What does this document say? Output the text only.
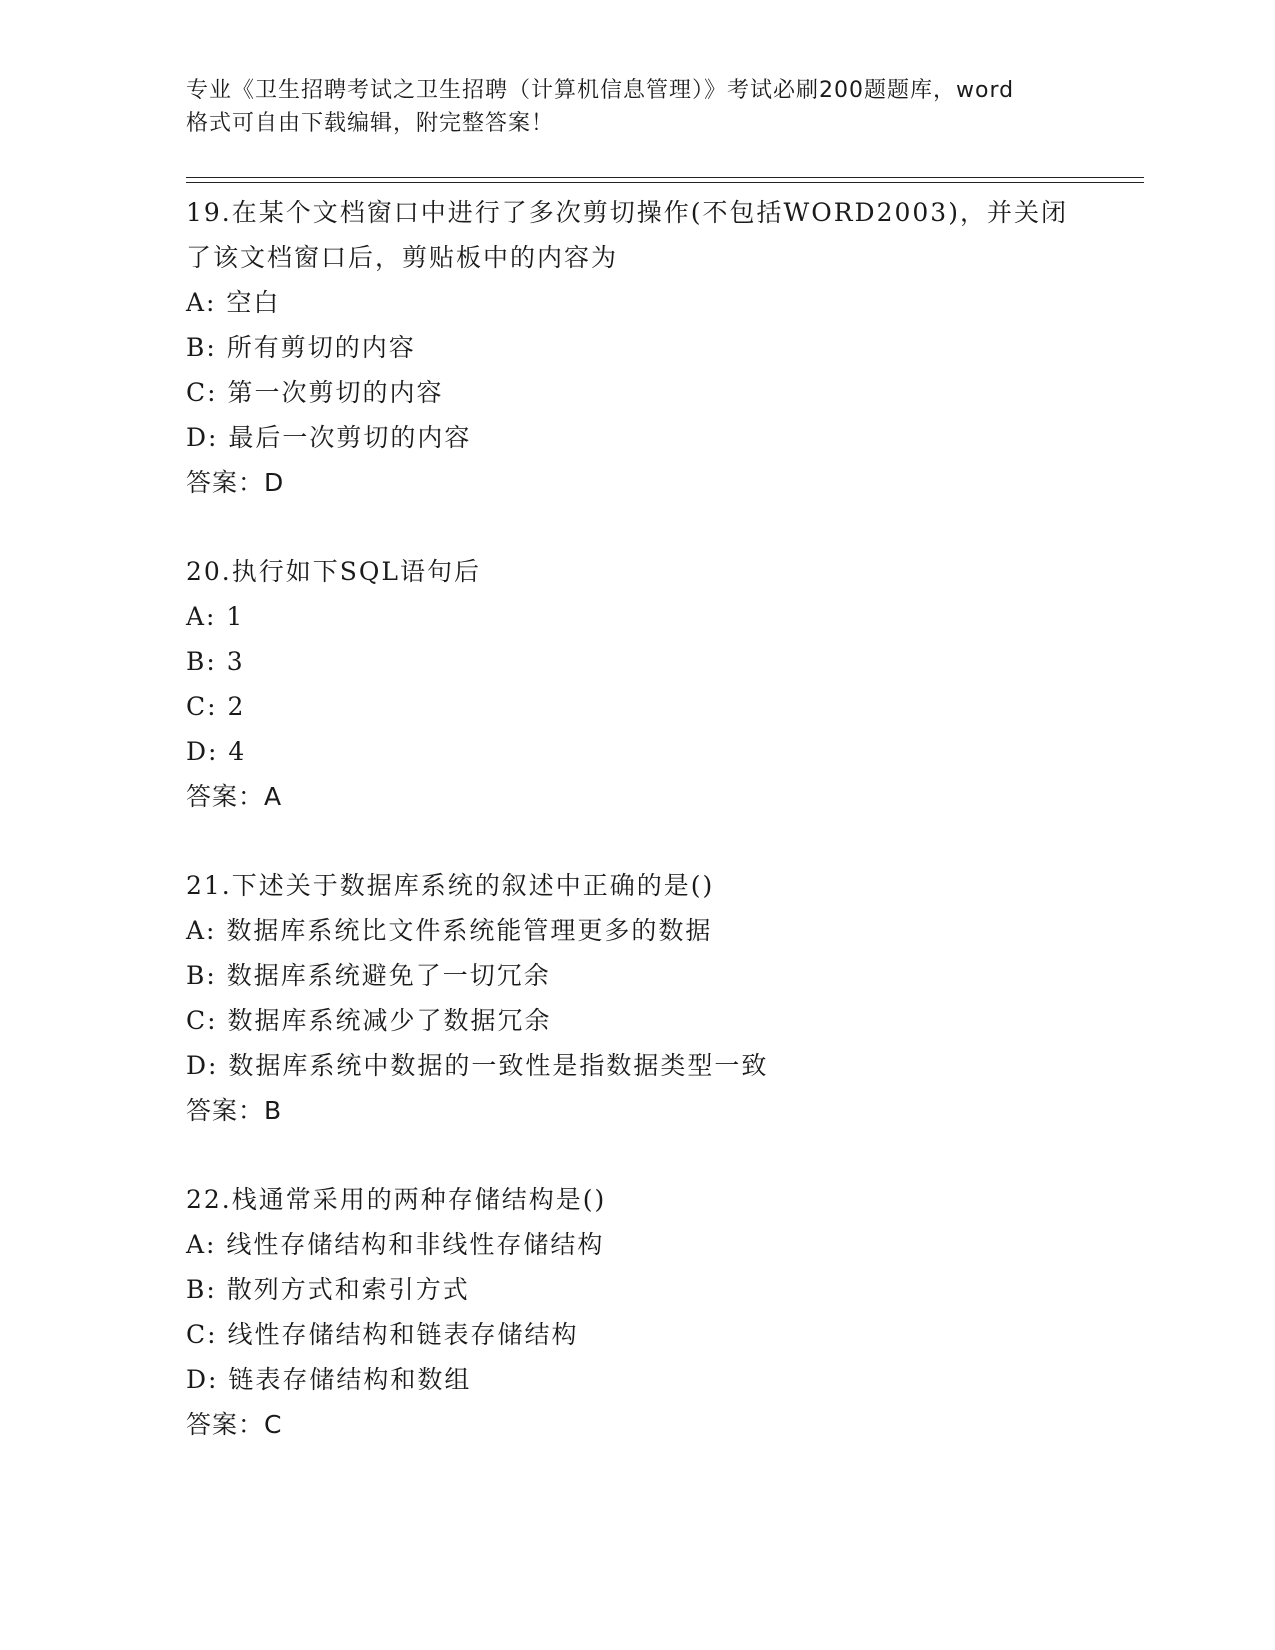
专业《卫生招聘考试之卫生招聘（计算机信息管理）》考试必刷200题题库，word
格式可自由下载编辑，附完整答案！
19.在某个文档窗口中进行了多次剪切操作(不包括WORD2003)，并关闭
了该文档窗口后，剪贴板中的内容为
A: 空白
B: 所有剪切的内容
C: 第一次剪切的内容
D: 最后一次剪切的内容
答案：D
20.执行如下SQL语句后
A: 1
B: 3
C: 2
D: 4
答案：A
21.下述关于数据库系统的叙述中正确的是()
A: 数据库系统比文件系统能管理更多的数据
B: 数据库系统避免了一切冗余
C: 数据库系统减少了数据冗余
D: 数据库系统中数据的一致性是指数据类型一致
答案：B
22.栈通常采用的两种存储结构是()
A: 线性存储结构和非线性存储结构
B: 散列方式和索引方式
C: 线性存储结构和链表存储结构
D: 链表存储结构和数组
答案：C
